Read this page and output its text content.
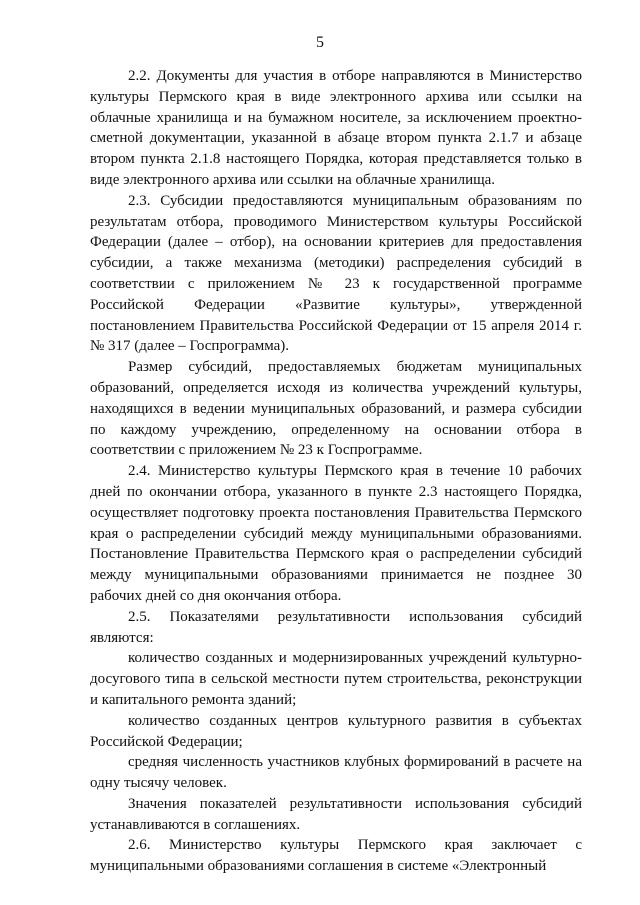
5

2.2. Документы для участия в отборе направляются в Министерство культуры Пермского края в виде электронного архива или ссылки на облачные хранилища и на бумажном носителе, за исключением проектно-сметной документации, указанной в абзаце втором пункта 2.1.7 и абзаце втором пункта 2.1.8 настоящего Порядка, которая представляется только в виде электронного архива или ссылки на облачные хранилища.

2.3. Субсидии предоставляются муниципальным образованиям по результатам отбора, проводимого Министерством культуры Российской Федерации (далее – отбор), на основании критериев для предоставления субсидии, а также механизма (методики) распределения субсидий в соответствии с приложением № 23 к государственной программе Российской Федерации «Развитие культуры», утвержденной постановлением Правительства Российской Федерации от 15 апреля 2014 г. № 317 (далее – Госпрограмма).

Размер субсидий, предоставляемых бюджетам муниципальных образований, определяется исходя из количества учреждений культуры, находящихся в ведении муниципальных образований, и размера субсидии по каждому учреждению, определенному на основании отбора в соответствии с приложением № 23 к Госпрограмме.

2.4. Министерство культуры Пермского края в течение 10 рабочих дней по окончании отбора, указанного в пункте 2.3 настоящего Порядка, осуществляет подготовку проекта постановления Правительства Пермского края о распределении субсидий между муниципальными образованиями. Постановление Правительства Пермского края о распределении субсидий между муниципальными образованиями принимается не позднее 30 рабочих дней со дня окончания отбора.

2.5. Показателями результативности использования субсидий являются:

количество созданных и модернизированных учреждений культурно-досугового типа в сельской местности путем строительства, реконструкции и капитального ремонта зданий;

количество созданных центров культурного развития в субъектах Российской Федерации;

средняя численность участников клубных формирований в расчете на одну тысячу человек.

Значения показателей результативности использования субсидий устанавливаются в соглашениях.

2.6. Министерство культуры Пермского края заключает с муниципальными образованиями соглашения в системе «Электронный
